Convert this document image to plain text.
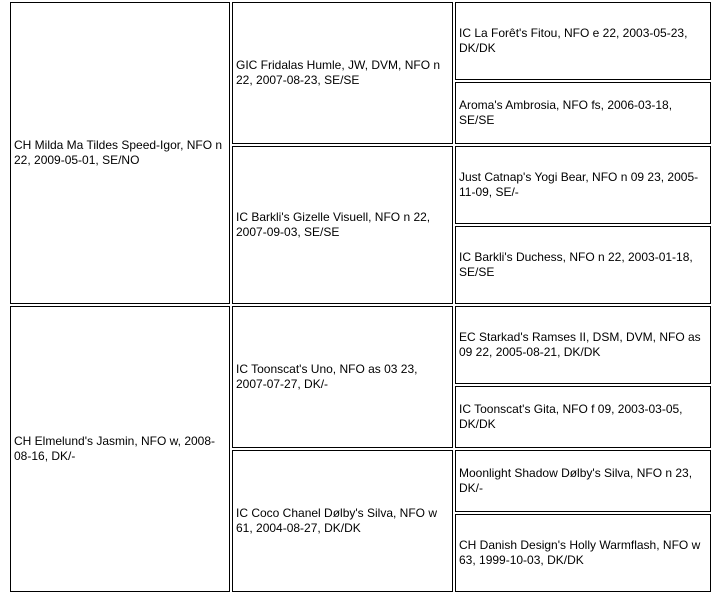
CH Milda Ma Tildes Speed-Igor, NFO n 22, 2009-05-01, SE/NO
CH Elmelund's Jasmin, NFO w, 2008-08-16, DK/-
GIC Fridalas Humle, JW, DVM, NFO n 22, 2007-08-23, SE/SE
IC Barkli's Gizelle Visuell, NFO n 22, 2007-09-03, SE/SE
IC Toonscat's Uno, NFO as 03 23, 2007-07-27, DK/-
IC Coco Chanel Dølby's Silva, NFO w 61, 2004-08-27, DK/DK
IC La Forêt's Fitou, NFO e 22, 2003-05-23, DK/DK
Aroma's Ambrosia, NFO fs, 2006-03-18, SE/SE
Just Catnap's Yogi Bear, NFO n 09 23, 2005-11-09, SE/-
IC Barkli's Duchess, NFO n 22, 2003-01-18, SE/SE
EC Starkad's Ramses II, DSM, DVM, NFO as 09 22, 2005-08-21, DK/DK
IC Toonscat's Gita, NFO f 09, 2003-03-05, DK/DK
Moonlight Shadow Dølby's Silva, NFO n 23, DK/-
CH Danish Design's Holly Warmflash, NFO w 63, 1999-10-03, DK/DK
